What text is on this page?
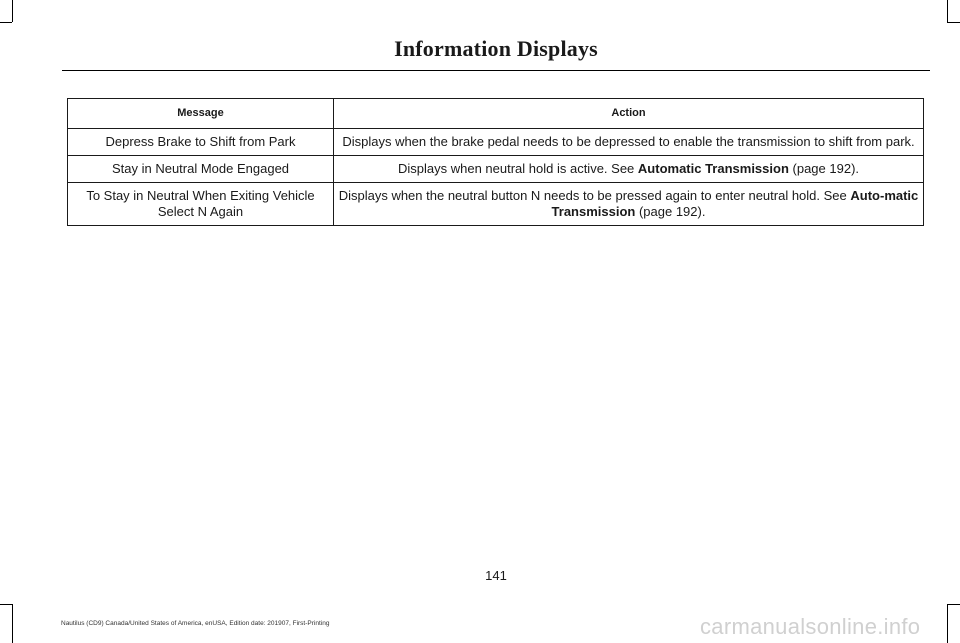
Information Displays
Message	Action
Depress Brake to Shift from Park	Displays when the brake pedal needs to be depressed to enable the transmission to shift from park.
Stay in Neutral Mode Engaged	Displays when neutral hold is active. See Automatic Transmission (page 192).
To Stay in Neutral When Exiting Vehicle Select N Again	Displays when the neutral button N needs to be pressed again to enter neutral hold. See Auto-matic Transmission (page 192).
141
Nautilus (CD9) Canada/United States of America, enUSA, Edition date: 201907, First-Printing	carmanualsonline.info
